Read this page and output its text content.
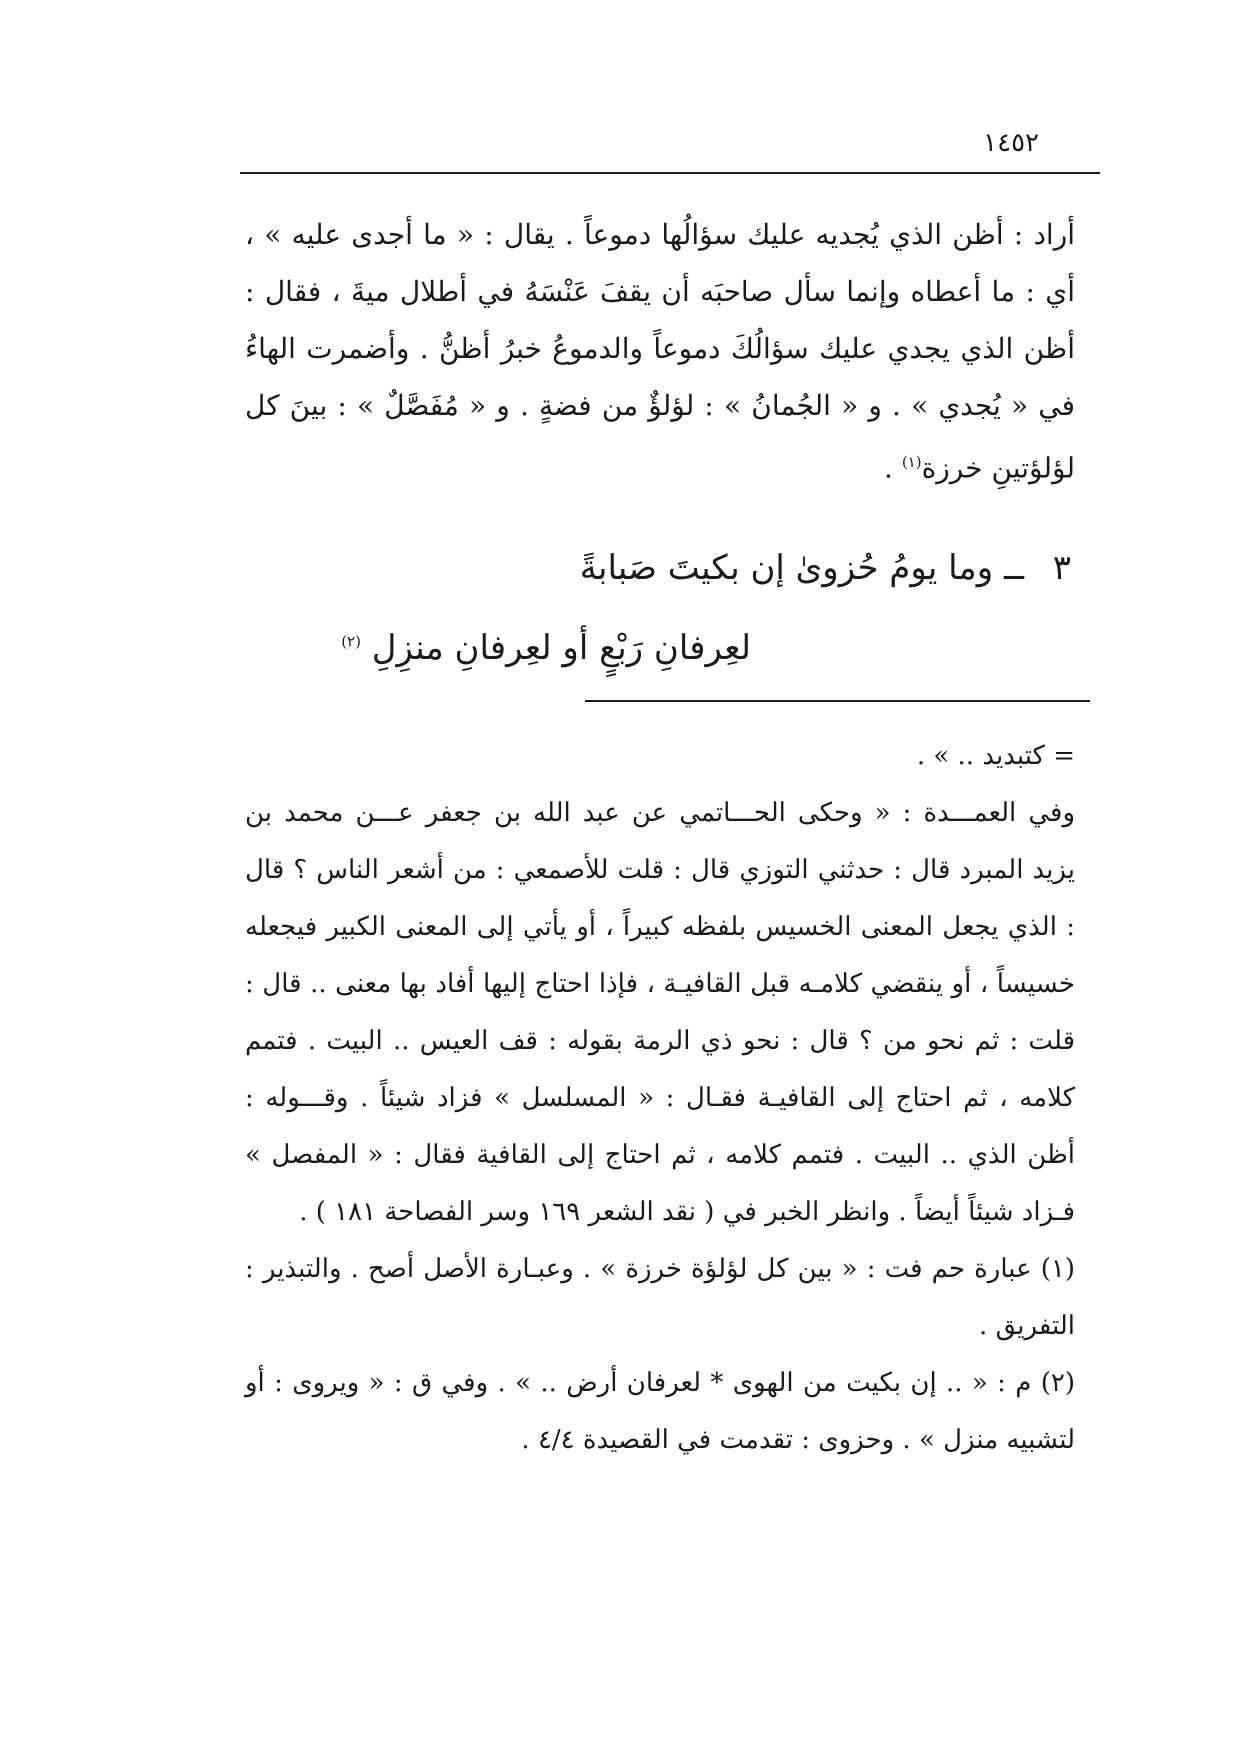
١٤٥٢

أراد : أظن الذي يُجديه عليك سؤالُها دموعاً . يقال : « ما أجدى عليه » ، أي : ما أعطاه وإنما سأل صاحبَه أن يقفَ عَنْسَهُ في أطلال ميةَ ، فقال : أظن الذي يجدي عليك سؤالُكَ دموعاً والدموعُ خبرُ أظنُّ . وأضمرت الهاءُ في « يُجدي » . و « الجُمانُ » : لؤلؤٌ من فضةٍ . و « مُفَصَّلٌ » : بينَ كل لؤلؤتينِ خرزة$^{(١)}$ .

٣ ــ وما يومُ حُزوىٰ إن بكيتَ صَبابةً
لعِرفانِ رَبْعٍ أو لعِرفانِ منزِلِ $^{(٢)}$

= كتبديد .. » .

وفي العمـــدة : « وحكى الحـــاتمي عن عبد الله بن جعفر عـــن محمد بن يزيد المبرد قال : حدثني التوزي قال : قلت للأصمعي : من أشعر الناس ؟ قال : الذي يجعل المعنى الخسيس بلفظه كبيراً ، أو يأتي إلى المعنى الكبير فيجعله خسيساً ، أو ينقضي كلامـه قبل القافيـة ، فإذا احتاج إليها أفاد بها معنى .. قال : قلت : ثم نحو من ؟ قال : نحو ذي الرمة بقوله : قف العيس .. البيت . فتمم كلامه ، ثم احتاج إلى القافيـة فقـال : « المسلسل » فزاد شيئاً . وقـــوله : أظن الذي .. البيت . فتمم كلامه ، ثم احتاج إلى القافية فقال : « المفصل » فـزاد شيئاً أيضاً . وانظر الخبر في ( نقد الشعر ١٦٩ وسر الفصاحة ١٨١ ) .

(١) عبارة حم فت : « بين كل لؤلؤة خرزة » . وعبـارة الأصل أصح . والتبذير : التفريق .

(٢) م : « .. إن بكيت من الهوى * لعرفان أرض .. » . وفي ق : « ويروى : أو لتشبيه منزل » . وحزوى : تقدمت في القصيدة ٤/٤ .
